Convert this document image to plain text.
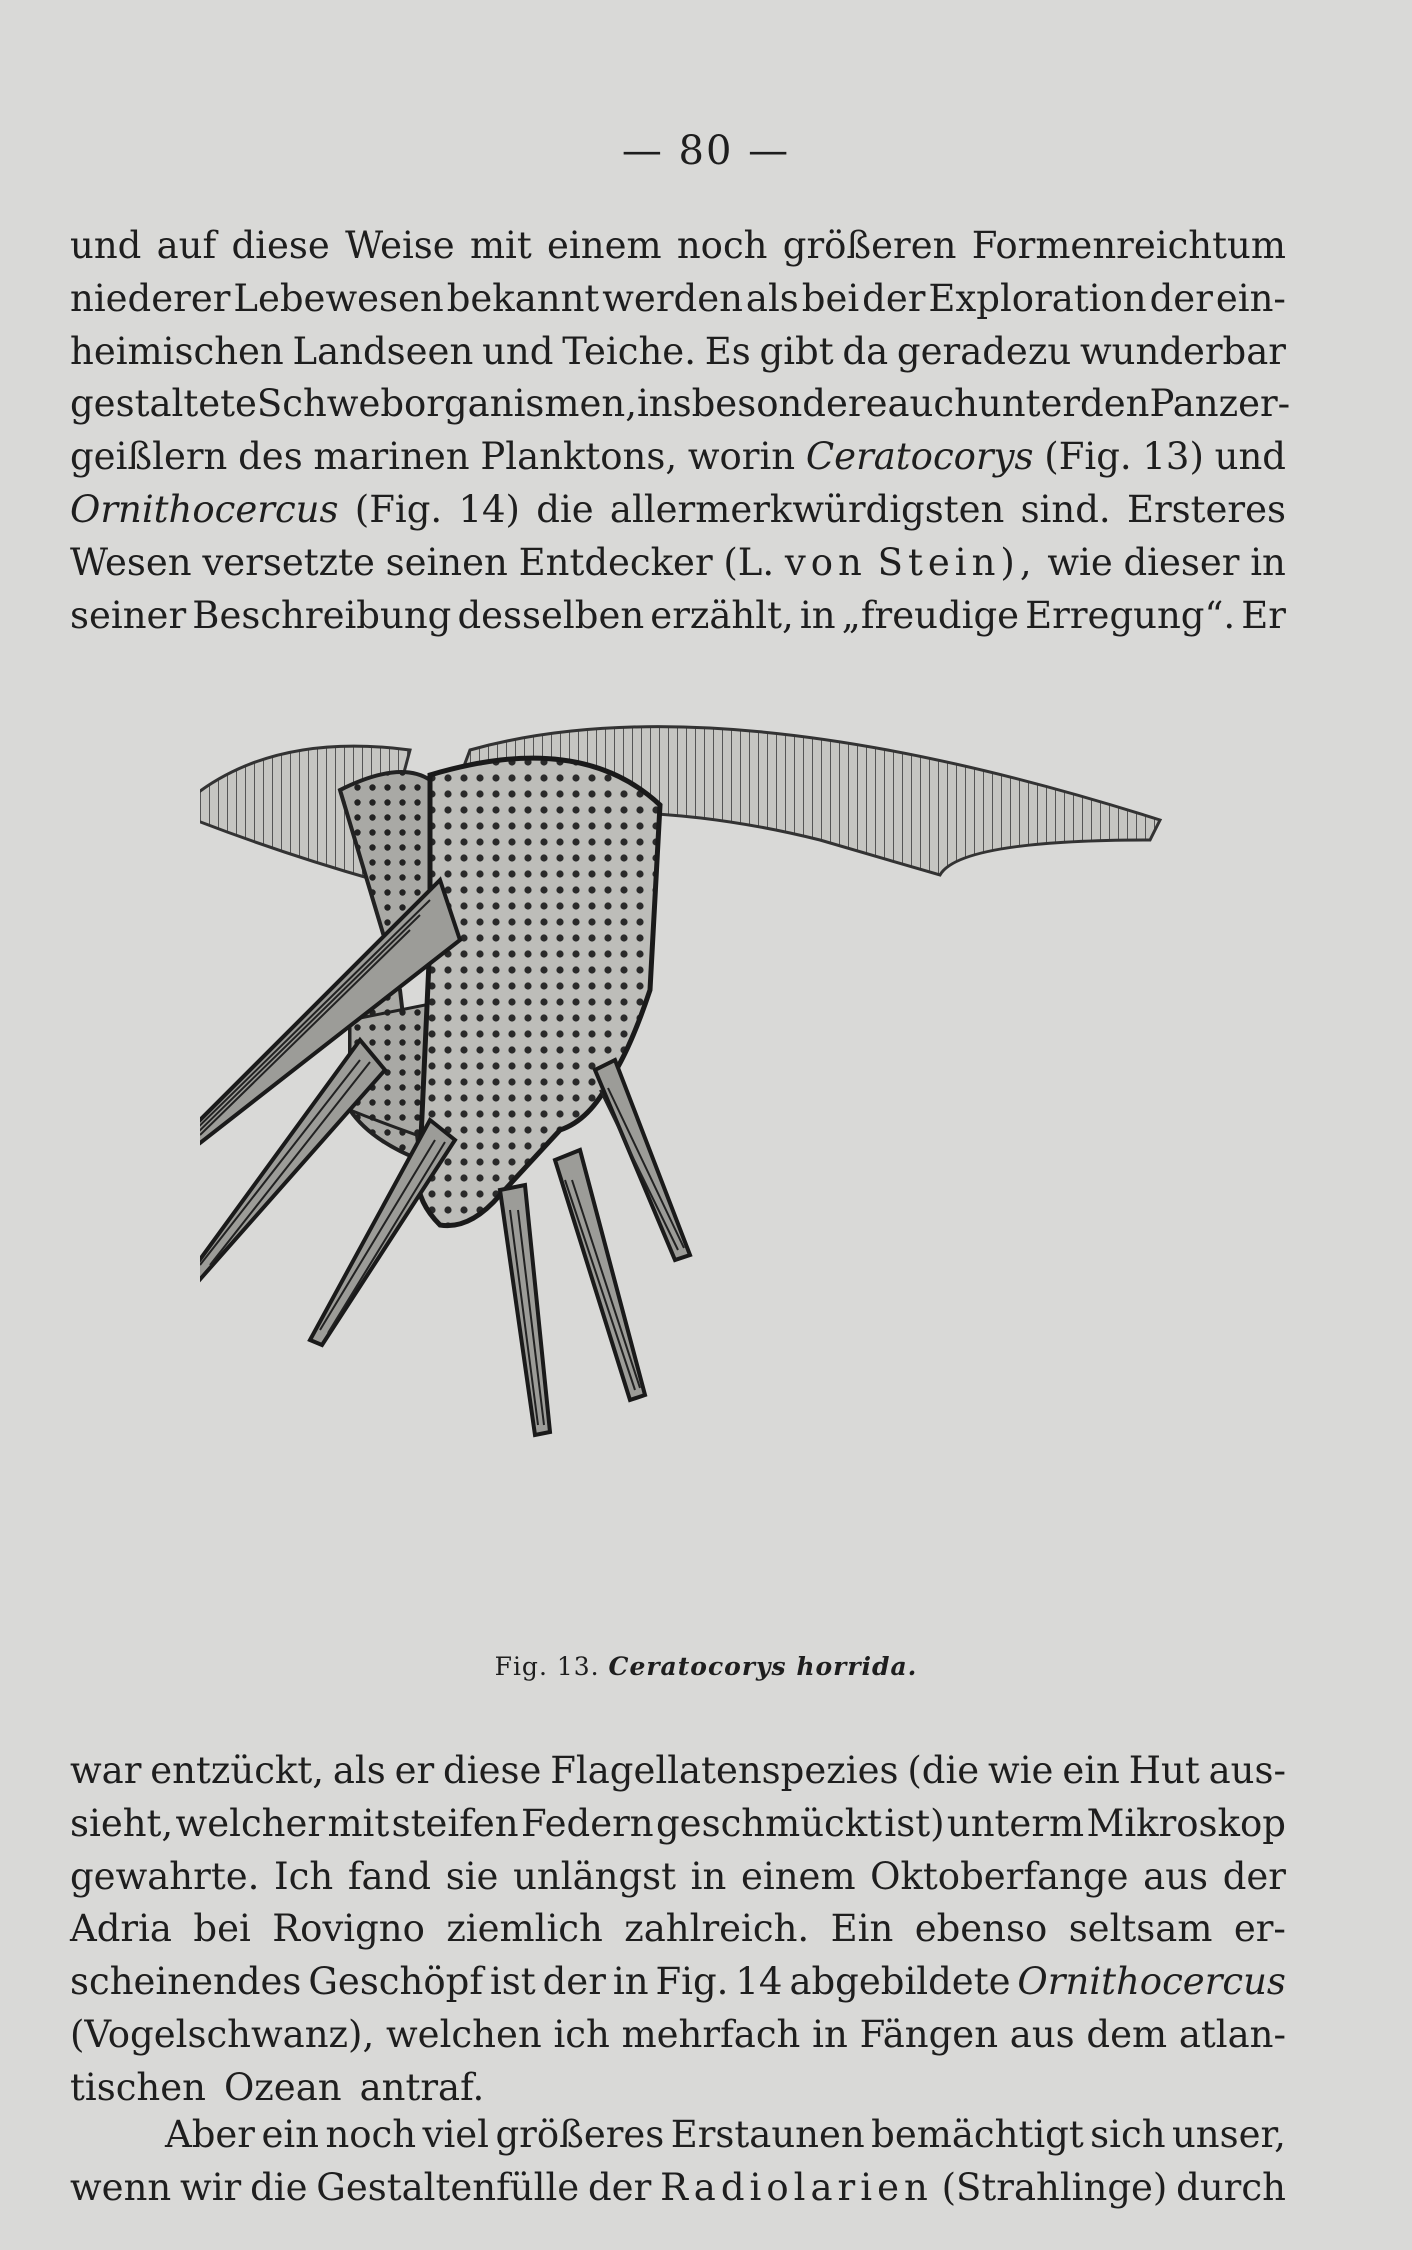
— 80 —
und auf diese Weise mit einem noch größeren Formenreichtum
niederer Lebewesen bekannt werden als bei der Exploration der ein-
heimischen Landseen und Teiche. Es gibt da geradezu wunderbar
gestaltete Schweborganismen, insbesondere auch unter den Panzer-
geißlern des marinen Planktons, worin Ceratocorys (Fig. 13) und
Ornithocercus (Fig. 14) die allermerkwürdigsten sind. Ersteres
Wesen versetzte seinen Entdecker (L. von Stein), wie dieser in
seiner Beschreibung desselben erzählt, in „freudige Erregung“. Er
Fig. 13. Ceratocorys horrida.
war entzückt, als er diese Flagellatenspezies (die wie ein Hut aus-
sieht, welcher mit steifen Federn geschmückt ist) unterm Mikroskop
gewahrte. Ich fand sie unlängst in einem Oktoberfange aus der
Adria bei Rovigno ziemlich zahlreich. Ein ebenso seltsam er-
scheinendes Geschöpf ist der in Fig. 14 abgebildete Ornithocercus
(Vogelschwanz), welchen ich mehrfach in Fängen aus dem atlan-
tischen Ozean antraf.
Aber ein noch viel größeres Erstaunen bemächtigt sich unser,
wenn wir die Gestaltenfülle der Radiolarien (Strahlinge) durch
